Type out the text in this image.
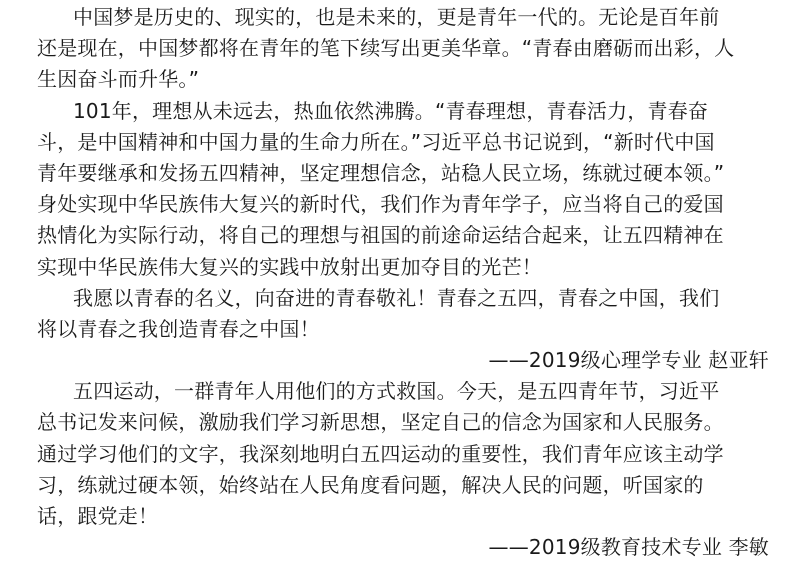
中国梦是历史的、现实的，也是未来的，更是青年一代的。无论是百年前
还是现在，中国梦都将在青年的笔下续写出更美华章。“青春由磨砺而出彩，人
生因奋斗而升华。”
101年，理想从未远去，热血依然沸腾。“青春理想，青春活力，青春奋
斗，是中国精神和中国力量的生命力所在。”习近平总书记说到，“新时代中国
青年要继承和发扬五四精神，坚定理想信念，站稳人民立场，练就过硬本领。”
身处实现中华民族伟大复兴的新时代，我们作为青年学子，应当将自己的爱国
热情化为实际行动，将自己的理想与祖国的前途命运结合起来，让五四精神在
实现中华民族伟大复兴的实践中放射出更加夺目的光芒！
我愿以青春的名义，向奋进的青春敬礼！青春之五四，青春之中国，我们
将以青春之我创造青春之中国！
——2019级心理学专业 赵亚轩
五四运动，一群青年人用他们的方式救国。今天，是五四青年节，习近平
总书记发来问候，激励我们学习新思想，坚定自己的信念为国家和人民服务。
通过学习他们的文字，我深刻地明白五四运动的重要性，我们青年应该主动学
习，练就过硬本领，始终站在人民角度看问题，解决人民的问题，听国家的
话，跟党走！
——2019级教育技术专业 李敏
